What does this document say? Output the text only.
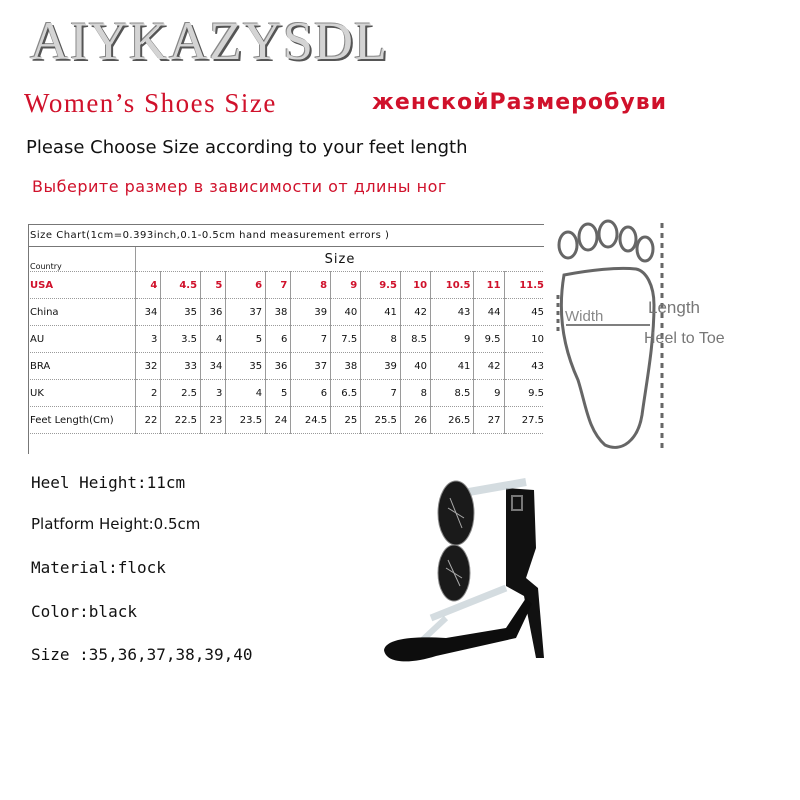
AIYKAZYSDL
Women’s Shoes Size	женскойРазмеробуви
Please Choose Size according to your feet length
Выберите размер в зависимости от длины ног
Size Chart(1cm=0.393inch,0.1-0.5cm hand measurement errors )												
Country	Size											
USA	4	4.5	5	6	7	8	9	9.5	10	10.5	11	11.5
China	34	35	36	37	38	39	40	41	42	43	44	45
AU	3	3.5	4	5	6	7	7.5	8	8.5	9	9.5	10
BRA	32	33	34	35	36	37	38	39	40	41	42	43
UK	2	2.5	3	4	5	6	6.5	7	8	8.5	9	9.5
Feet Length(Cm)	22	22.5	23	23.5	24	24.5	25	25.5	26	26.5	27	27.5
Width	Length
Heel to Toe
Heel Height:11cm
Platform Height:0.5cm
Material:flock
Color:black
Size :35,36,37,38,39,40
